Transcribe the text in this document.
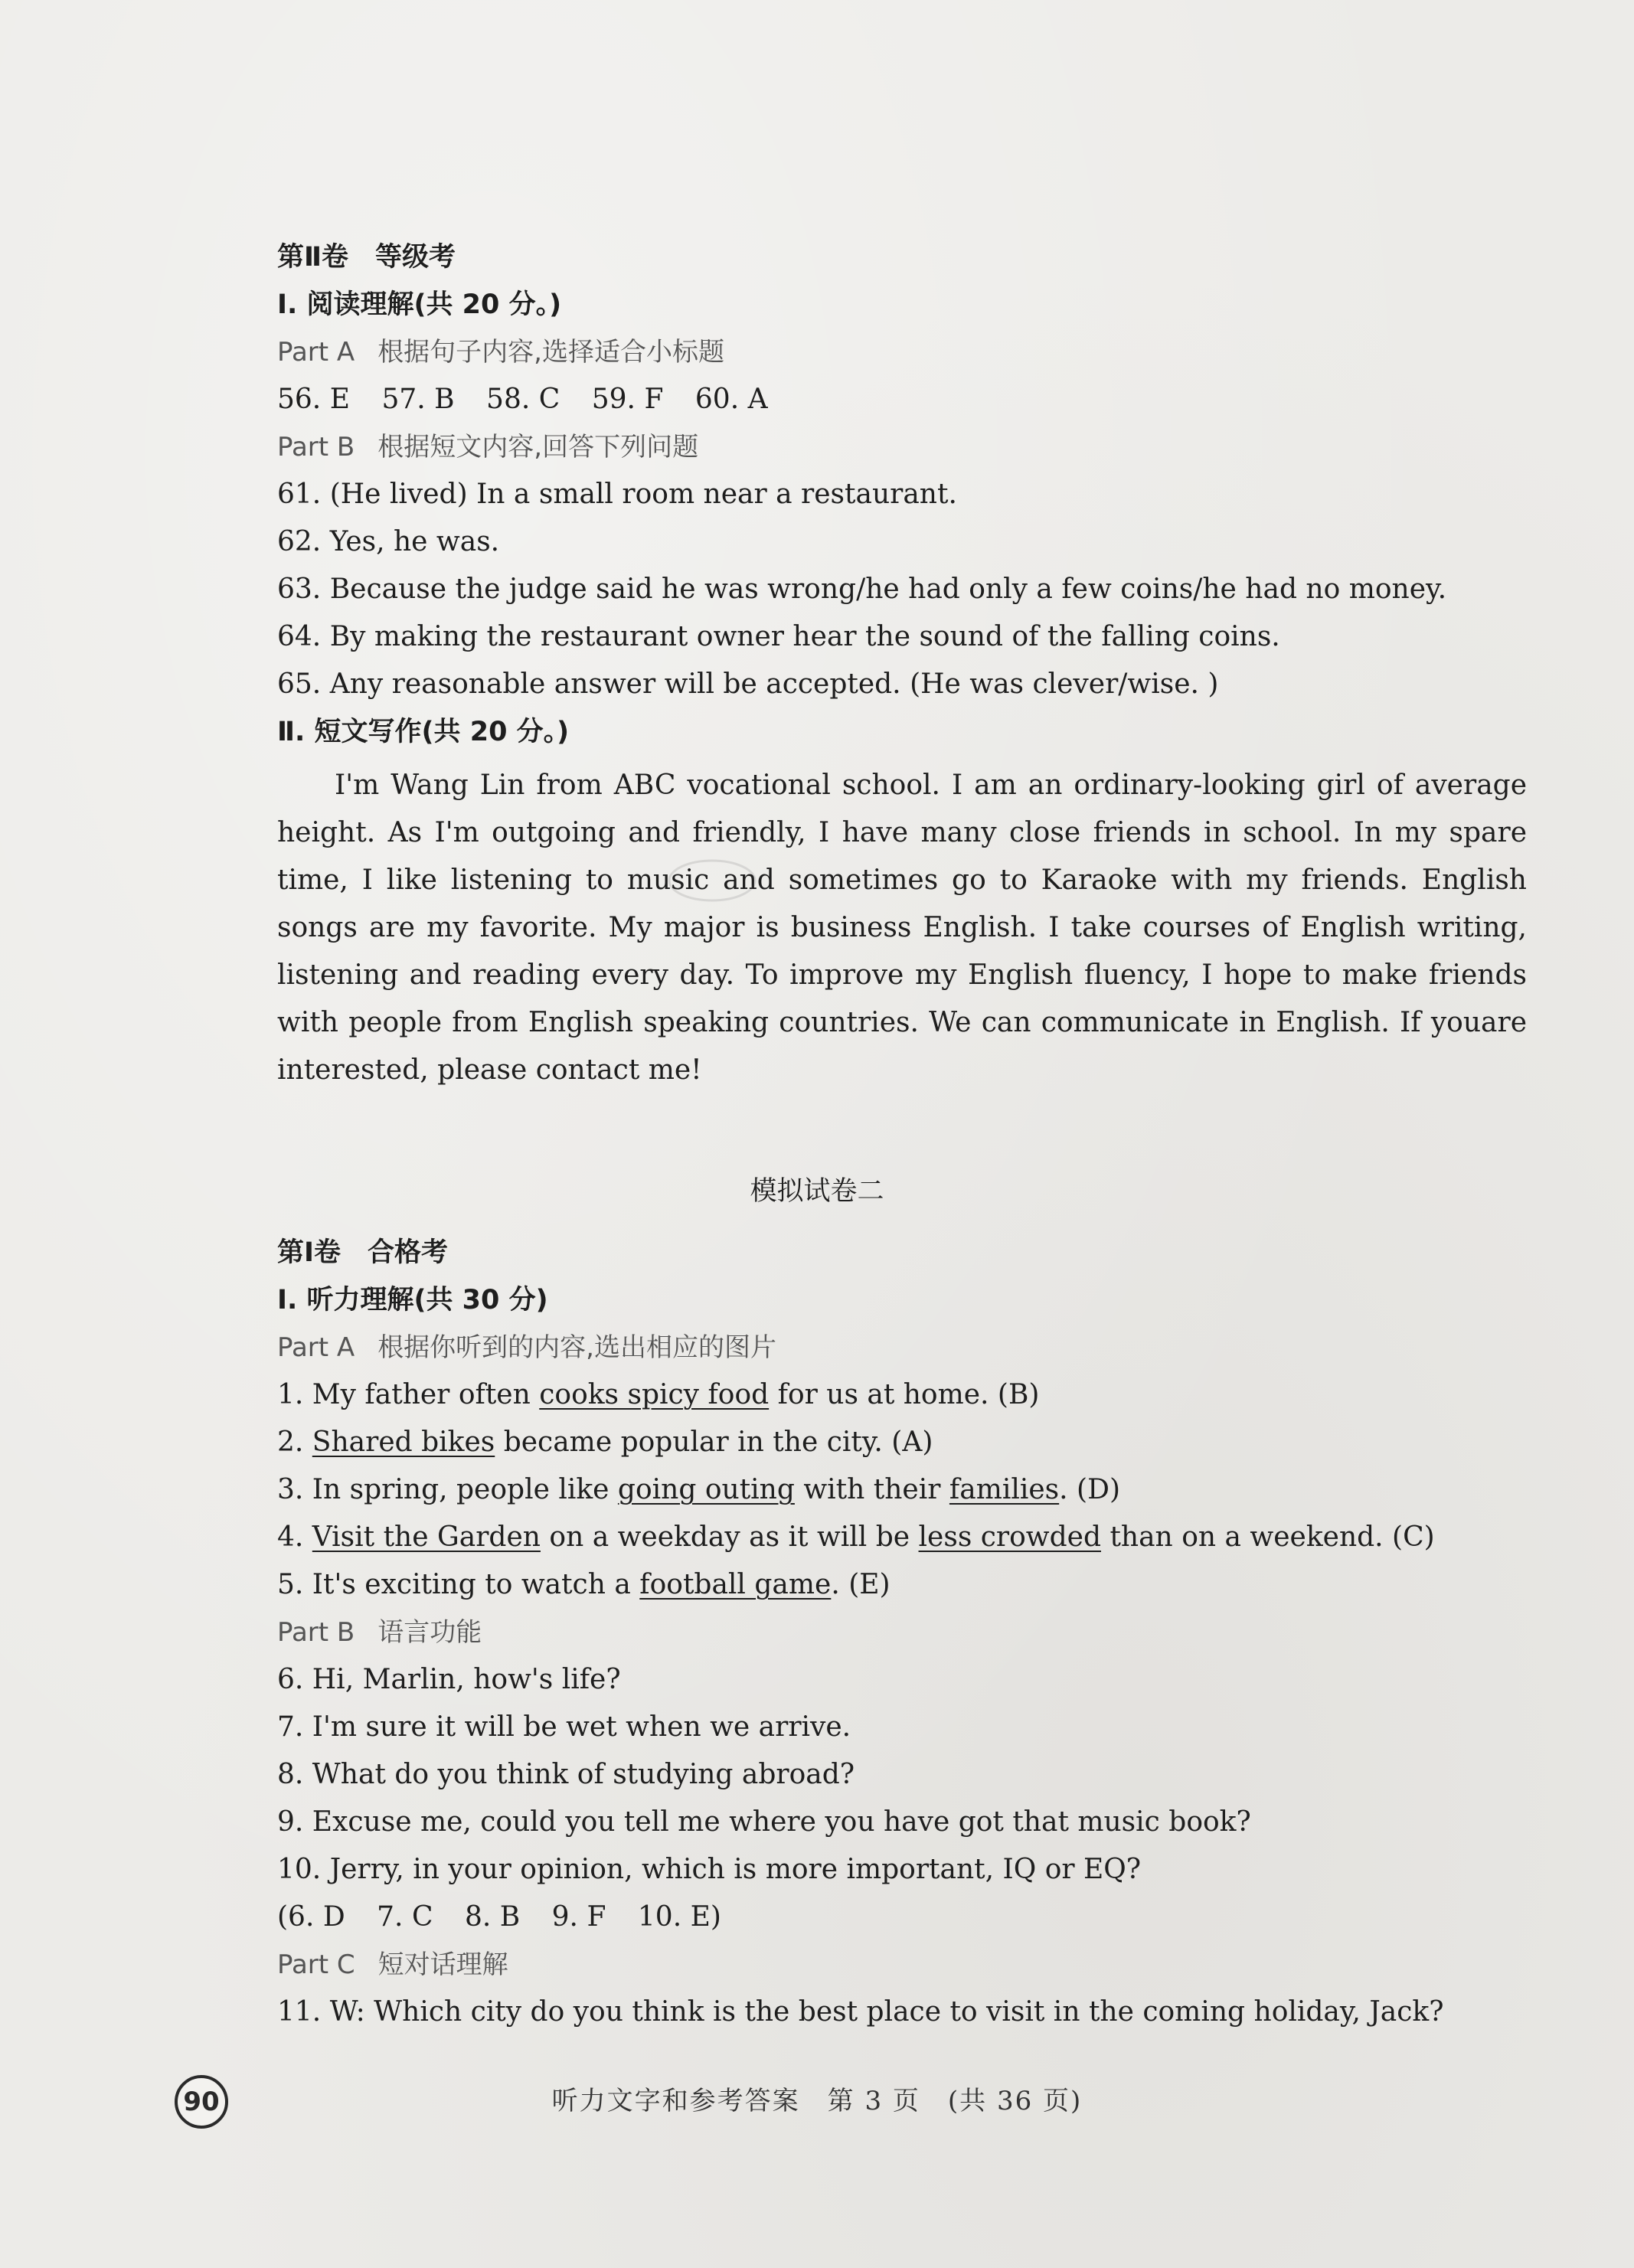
第Ⅱ卷　等级考
Ⅰ. 阅读理解(共 20 分。)
Part A 根据句子内容,选择适合小标题
56. E 57. B 58. C 59. F 60. A
Part B 根据短文内容,回答下列问题
61. (He lived) In a small room near a restaurant.
62. Yes, he was.
63. Because the judge said he was wrong/he had only a few coins/he had no money.
64. By making the restaurant owner hear the sound of the falling coins.
65. Any reasonable answer will be accepted. (He was clever/wise. )
Ⅱ. 短文写作(共 20 分。)
I'm Wang Lin from ABC vocational school. I am an ordinary-looking girl of average height. As I'm outgoing and friendly, I have many close friends in school. In my spare time, I like listening to music and sometimes go to Karaoke with my friends. English songs are my favorite. My major is business English. I take courses of English writing, listening and reading every day. To improve my English fluency, I hope to make friends with people from English speaking countries. We can communicate in English. If youare interested, please contact me!
模拟试卷二
第Ⅰ卷　合格考
Ⅰ. 听力理解(共 30 分)
Part A 根据你听到的内容,选出相应的图片
1. My father often cooks spicy food for us at home. (B)
2. Shared bikes became popular in the city. (A)
3. In spring, people like going outing with their families. (D)
4. Visit the Garden on a weekday as it will be less crowded than on a weekend. (C)
5. It's exciting to watch a football game. (E)
Part B 语言功能
6. Hi, Marlin, how's life?
7. I'm sure it will be wet when we arrive.
8. What do you think of studying abroad?
9. Excuse me, could you tell me where you have got that music book?
10. Jerry, in your opinion, which is more important, IQ or EQ?
(6. D 7. C 8. B 9. F 10. E)
Part C 短对话理解
11. W: Which city do you think is the best place to visit in the coming holiday, Jack?
90	听力文字和参考答案　第 3 页　(共 36 页)
